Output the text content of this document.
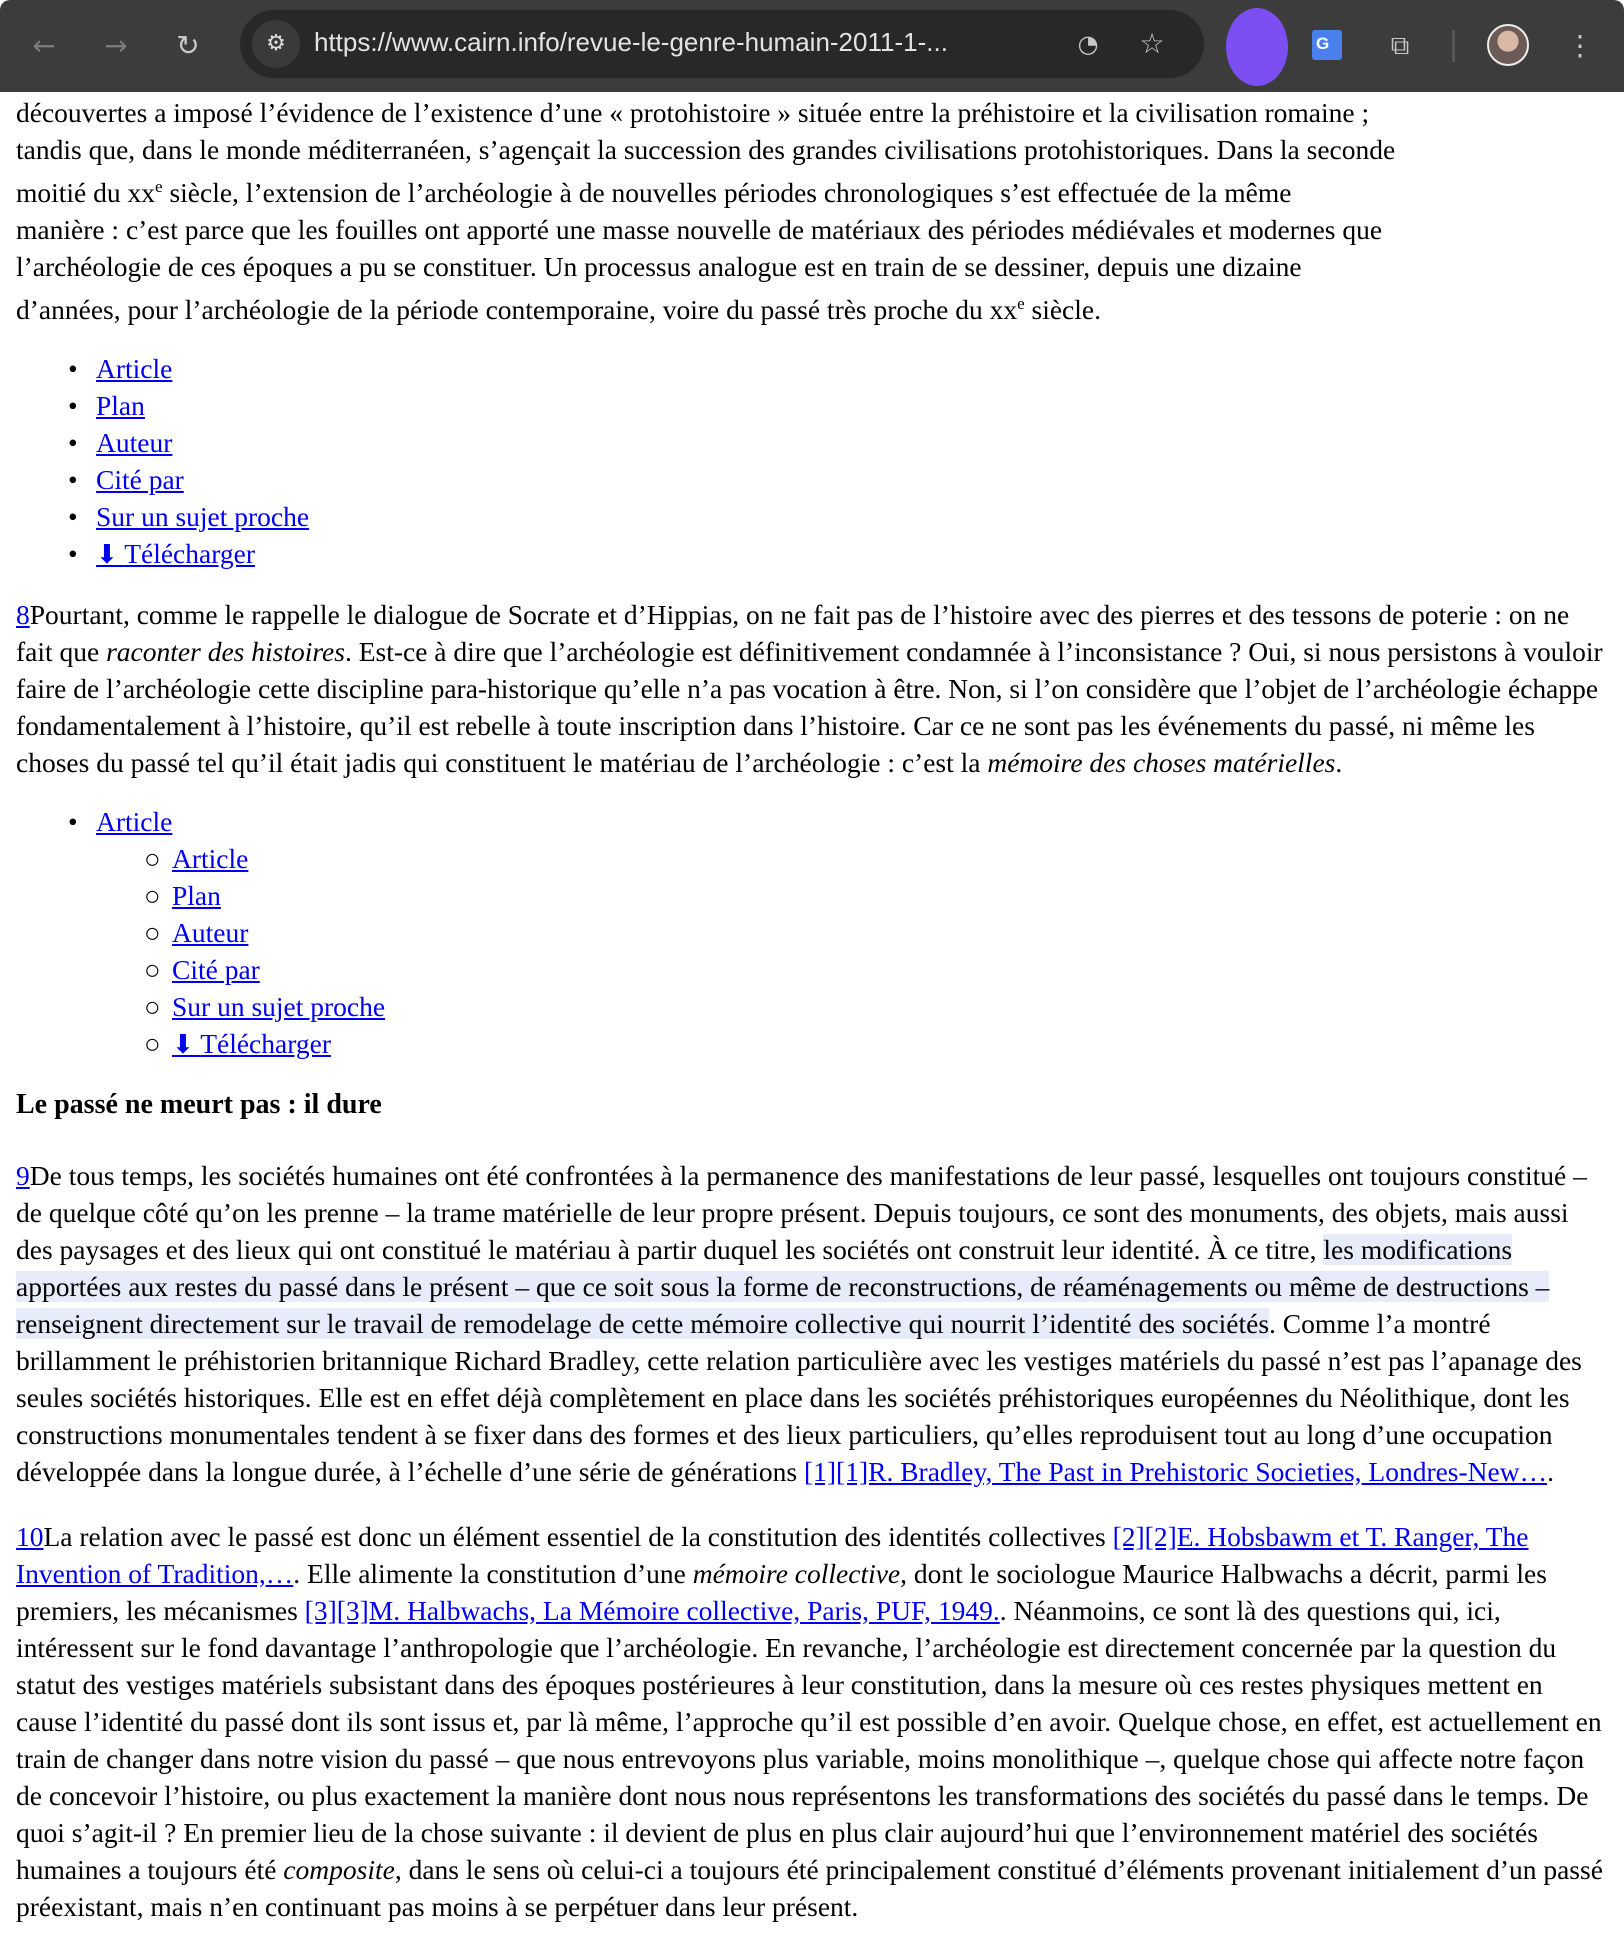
← → ↻	⚙	https://www.cairn.info/revue-le-genre-humain-2011-1-...	◔	☆	G	⧉	⋮
découvertes a imposé l’évidence de l’existence d’une « protohistoire » située entre la préhistoire et la civilisation romaine ;
tandis que, dans le monde méditerranéen, s’agençait la succession des grandes civilisations protohistoriques. Dans la seconde
moitié du $xx^e$ siècle, l’extension de l’archéologie à de nouvelles périodes chronologiques s’est effectuée de la même
manière : c’est parce que les fouilles ont apporté une masse nouvelle de matériaux des périodes médiévales et modernes que
l’archéologie de ces époques a pu se constituer. Un processus analogue est en train de se dessiner, depuis une dizaine
d’années, pour l’archéologie de la période contemporaine, voire du passé très proche du $xx^e$ siècle.
• Article
• Plan
• Auteur
• Cité par
• Sur un sujet proche
• ⬇ Télécharger

8Pourtant, comme le rappelle le dialogue de Socrate et d’Hippias, on ne fait pas de l’histoire avec des pierres et des tessons de poterie : on ne fait que raconter des histoires. Est-ce à dire que l’archéologie est définitivement condamnée à l’inconsistance ? Oui, si nous persistons à vouloir faire de l’archéologie cette discipline para-historique qu’elle n’a pas vocation à être. Non, si l’on considère que l’objet de l’archéologie échappe fondamentalement à l’histoire, qu’il est rebelle à toute inscription dans l’histoire. Car ce ne sont pas les événements du passé, ni même les choses du passé tel qu’il était jadis qui constituent le matériau de l’archéologie : c’est la mémoire des choses matérielles.

• Article
○ Article
○ Plan
○ Auteur
○ Cité par
○ Sur un sujet proche
○ ⬇ Télécharger
Le passé ne meurt pas : il dure

9De tous temps, les sociétés humaines ont été confrontées à la permanence des manifestations de leur passé, lesquelles ont toujours constitué – de quelque côté qu’on les prenne – la trame matérielle de leur propre présent. Depuis toujours, ce sont des monuments, des objets, mais aussi des paysages et des lieux qui ont constitué le matériau à partir duquel les sociétés ont construit leur identité. À ce titre, les modifications apportées aux restes du passé dans le présent – que ce soit sous la forme de reconstructions, de réaménagements ou même de destructions – renseignent directement sur le travail de remodelage de cette mémoire collective qui nourrit l’identité des sociétés. Comme l’a montré brillamment le préhistorien britannique Richard Bradley, cette relation particulière avec les vestiges matériels du passé n’est pas l’apanage des seules sociétés historiques. Elle est en effet déjà complètement en place dans les sociétés préhistoriques européennes du Néolithique, dont les constructions monumentales tendent à se fixer dans des formes et des lieux particuliers, qu’elles reproduisent tout au long d’une occupation développée dans la longue durée, à l’échelle d’une série de générations [1][1]R. Bradley, The Past in Prehistoric Societies, Londres-New….

10La relation avec le passé est donc un élément essentiel de la constitution des identités collectives [2][2]E. Hobsbawm et T. Ranger, The Invention of Tradition,…. Elle alimente la constitution d’une mémoire collective, dont le sociologue Maurice Halbwachs a décrit, parmi les premiers, les mécanismes [3][3]M. Halbwachs, La Mémoire collective, Paris, PUF, 1949.. Néanmoins, ce sont là des questions qui, ici, intéressent sur le fond davantage l’anthropologie que l’archéologie. En revanche, l’archéologie est directement concernée par la question du statut des vestiges matériels subsistant dans des époques postérieures à leur constitution, dans la mesure où ces restes physiques mettent en cause l’identité du passé dont ils sont issus et, par là même, l’approche qu’il est possible d’en avoir. Quelque chose, en effet, est actuellement en train de changer dans notre vision du passé – que nous entrevoyons plus variable, moins monolithique –, quelque chose qui affecte notre façon de concevoir l’histoire, ou plus exactement la manière dont nous nous représentons les transformations des sociétés du passé dans le temps. De quoi s’agit-il ? En premier lieu de la chose suivante : il devient de plus en plus clair aujourd’hui que l’environnement matériel des sociétés humaines a toujours été composite, dans le sens où celui-ci a toujours été principalement constitué d’éléments provenant initialement d’un passé préexistant, mais n’en continuant pas moins à se perpétuer dans leur présent.
